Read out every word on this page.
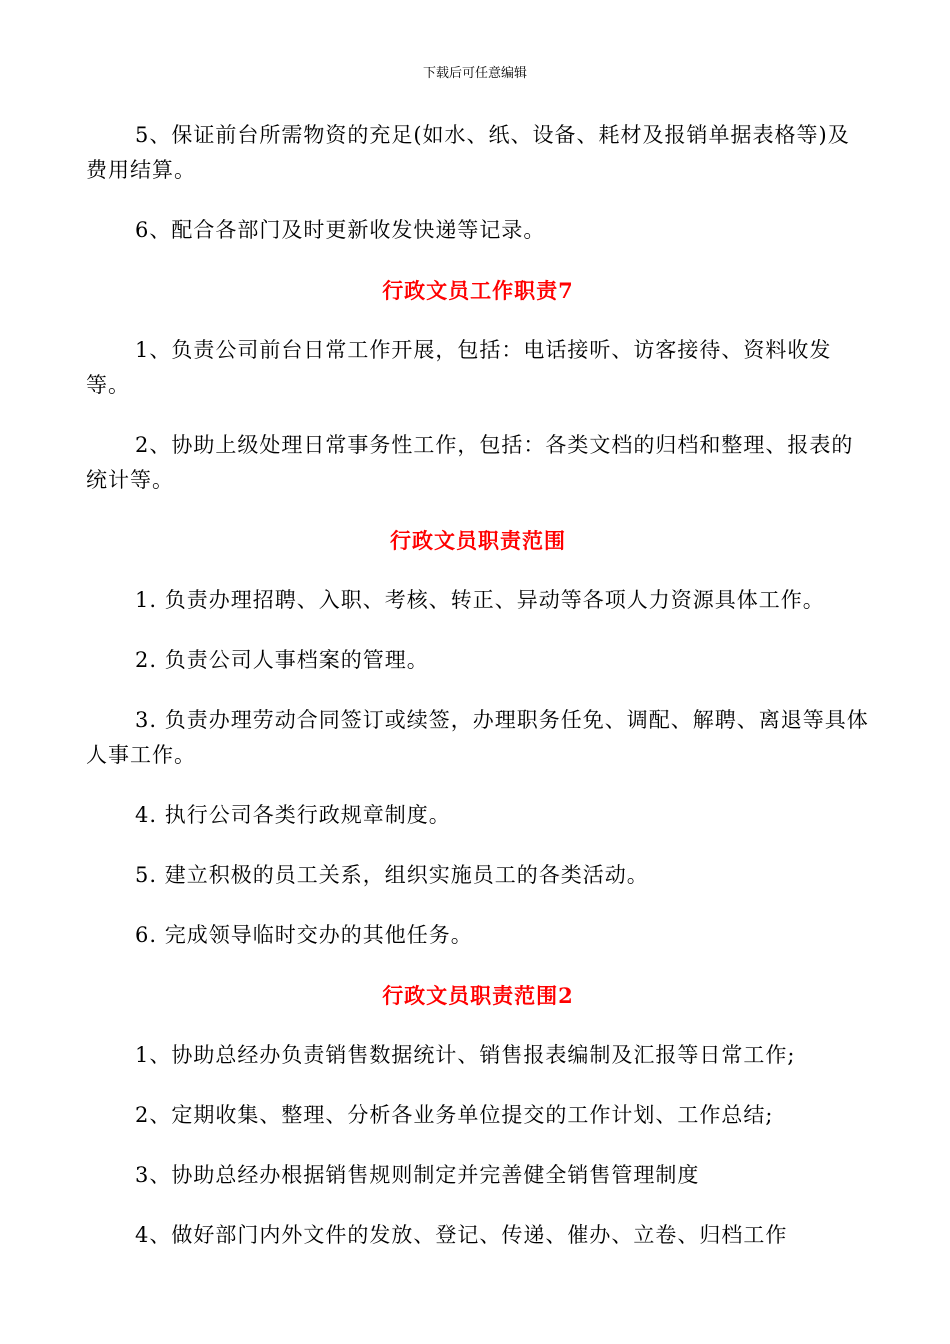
下载后可任意编辑

5、保证前台所需物资的充足(如水、纸、设备、耗材及报销单据表格等)及费用结算。

6、配合各部门及时更新收发快递等记录。

行政文员工作职责7

1、负责公司前台日常工作开展，包括：电话接听、访客接待、资料收发等。

2、协助上级处理日常事务性工作，包括：各类文档的归档和整理、报表的统计等。

行政文员职责范围

1. 负责办理招聘、入职、考核、转正、异动等各项人力资源具体工作。

2. 负责公司人事档案的管理。

3. 负责办理劳动合同签订或续签，办理职务任免、调配、解聘、离退等具体人事工作。

4. 执行公司各类行政规章制度。

5. 建立积极的员工关系，组织实施员工的各类活动。

6. 完成领导临时交办的其他任务。

行政文员职责范围2

1、协助总经办负责销售数据统计、销售报表编制及汇报等日常工作;

2、定期收集、整理、分析各业务单位提交的工作计划、工作总结;

3、协助总经办根据销售规则制定并完善健全销售管理制度

4、做好部门内外文件的发放、登记、传递、催办、立卷、归档工作
